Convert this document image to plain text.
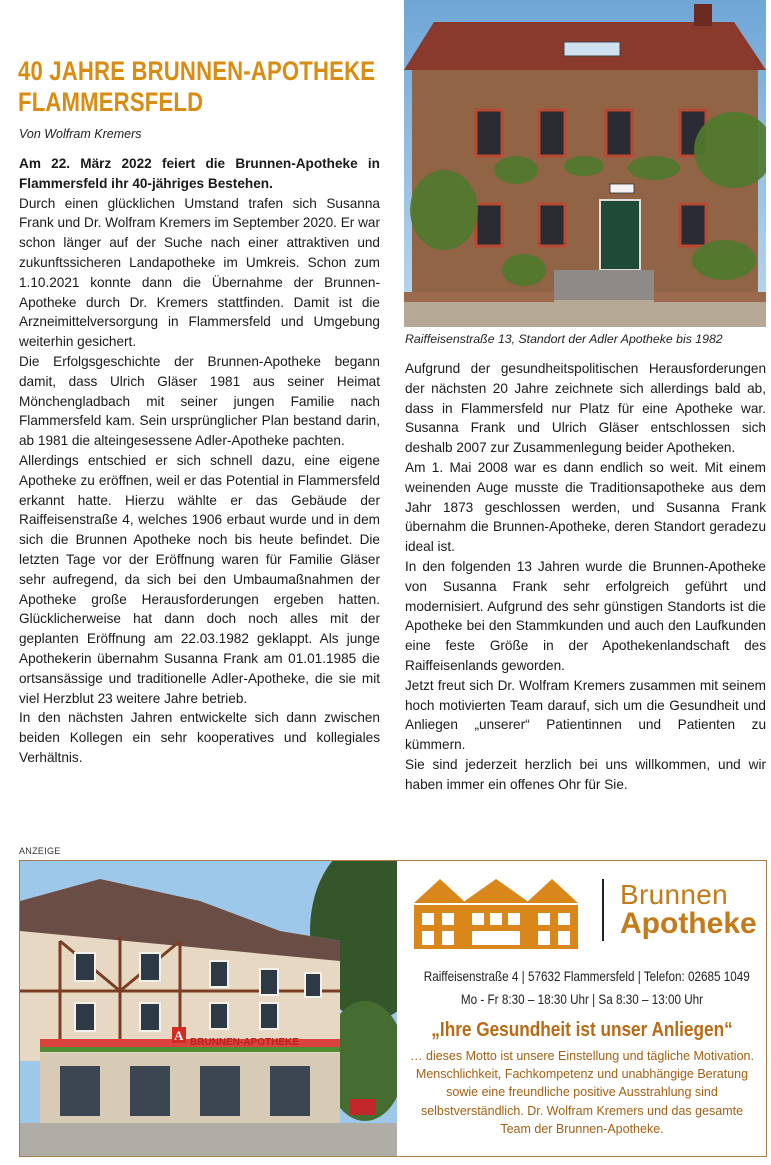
40 JAHRE BRUNNEN-APOTHEKE
FLAMMERSFELD
Von Wolfram Kremers

Am 22. März 2022 feiert die Brunnen-Apotheke in Flammersfeld ihr 40-jähriges Bestehen.

Durch einen glücklichen Umstand trafen sich Susanna Frank und Dr. Wolfram Kremers im September 2020. Er war schon länger auf der Suche nach einer attraktiven und zukunftssicheren Landapotheke im Umkreis. Schon zum 1.10.2021 konnte dann die Übernahme der Brunnen-Apotheke durch Dr. Kremers stattfinden. Damit ist die Arzneimittelversorgung in Flammersfeld und Umgebung weiterhin gesichert.

Die Erfolgsgeschichte der Brunnen-Apotheke begann damit, dass Ulrich Gläser 1981 aus seiner Heimat Mönchengladbach mit seiner jungen Familie nach Flammersfeld kam. Sein ursprünglicher Plan bestand darin, ab 1981 die alteingesessene Adler-Apotheke pachten.

Allerdings entschied er sich schnell dazu, eine eigene Apotheke zu eröffnen, weil er das Potential in Flammersfeld erkannt hatte. Hierzu wählte er das Gebäude der Raiffeisenstraße 4, welches 1906 erbaut wurde und in dem sich die Brunnen Apotheke noch bis heute befindet. Die letzten Tage vor der Eröffnung waren für Familie Gläser sehr aufregend, da sich bei den Umbaumaßnahmen der Apotheke große Herausforderungen ergeben hatten. Glücklicherweise hat dann doch noch alles mit der geplanten Eröffnung am 22.03.1982 geklappt. Als junge Apothekerin übernahm Susanna Frank am 01.01.1985 die ortsansässige und traditionelle Adler-Apotheke, die sie mit viel Herzblut 23 weitere Jahre betrieb.

In den nächsten Jahren entwickelte sich dann zwischen beiden Kollegen ein sehr kooperatives und kollegiales Verhältnis.

Raiffeisenstraße 13, Standort der Adler Apotheke bis 1982

Aufgrund der gesundheitspolitischen Herausforderungen der nächsten 20 Jahre zeichnete sich allerdings bald ab, dass in Flammersfeld nur Platz für eine Apotheke war. Susanna Frank und Ulrich Gläser entschlossen sich deshalb 2007 zur Zusammenlegung beider Apotheken.

Am 1. Mai 2008 war es dann endlich so weit. Mit einem weinenden Auge musste die Traditionsapotheke aus dem Jahr 1873 geschlossen werden, und Susanna Frank übernahm die Brunnen-Apotheke, deren Standort geradezu ideal ist.

In den folgenden 13 Jahren wurde die Brunnen-Apotheke von Susanna Frank sehr erfolgreich geführt und modernisiert. Aufgrund des sehr günstigen Standorts ist die Apotheke bei den Stammkunden und auch den Laufkunden eine feste Größe in der Apothekenlandschaft des Raiffeisenlands geworden.

Jetzt freut sich Dr. Wolfram Kremers zusammen mit seinem hoch motivierten Team darauf, sich um die Gesundheit und Anliegen „unserer“ Patientinnen und Patienten zu kümmern.

Sie sind jederzeit herzlich bei uns willkommen, und wir haben immer ein offenes Ohr für Sie.

ANZEIGE
BRUNNEN-APOTHEKE
A
Brunnen
Apotheke
Raiffeisenstraße 4 | 57632 Flammersfeld | Telefon: 02685 1049
Mo - Fr 8:30 – 18:30 Uhr | Sa 8:30 – 13:00 Uhr
„Ihre Gesundheit ist unser Anliegen“
… dieses Motto ist unsere Einstellung und tägliche Motivation. Menschlichkeit, Fachkompetenz und unabhängige Beratung sowie eine freundliche positive Ausstrahlung sind selbstverständlich. Dr. Wolfram Kremers und das gesamte Team der Brunnen-Apotheke.
